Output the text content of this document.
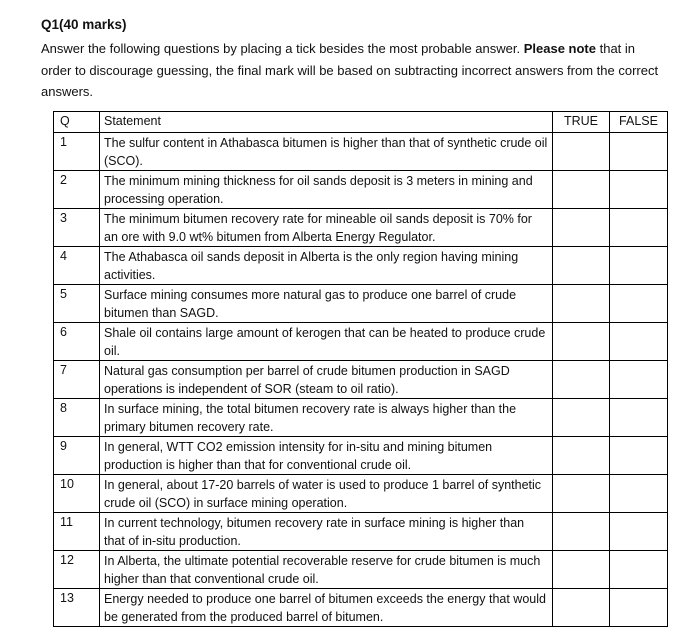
Q1(40 marks)
Answer the following questions by placing a tick besides the most probable answer. Please note that in order to discourage guessing, the final mark will be based on subtracting incorrect answers from the correct answers.
Q	Statement	TRUE	FALSE
1	The sulfur content in Athabasca bitumen is higher than that of synthetic crude oil (SCO).		
2	The minimum mining thickness for oil sands deposit is 3 meters in mining and processing operation.		
3	The minimum bitumen recovery rate for mineable oil sands deposit is 70% for an ore with 9.0 wt% bitumen from Alberta Energy Regulator.		
4	The Athabasca oil sands deposit in Alberta is the only region having mining activities.		
5	Surface mining consumes more natural gas to produce one barrel of crude bitumen than SAGD.		
6	Shale oil contains large amount of kerogen that can be heated to produce crude oil.		
7	Natural gas consumption per barrel of crude bitumen production in SAGD operations is independent of SOR (steam to oil ratio).		
8	In surface mining, the total bitumen recovery rate is always higher than the primary bitumen recovery rate.		
9	In general, WTT CO2 emission intensity for in-situ and mining bitumen production is higher than that for conventional crude oil.		
10	In general, about 17-20 barrels of water is used to produce 1 barrel of synthetic crude oil (SCO) in surface mining operation.		
11	In current technology, bitumen recovery rate in surface mining is higher than that of in-situ production.		
12	In Alberta, the ultimate potential recoverable reserve for crude bitumen is much higher than that conventional crude oil.		
13	Energy needed to produce one barrel of bitumen exceeds the energy that would be generated from the produced barrel of bitumen.		
